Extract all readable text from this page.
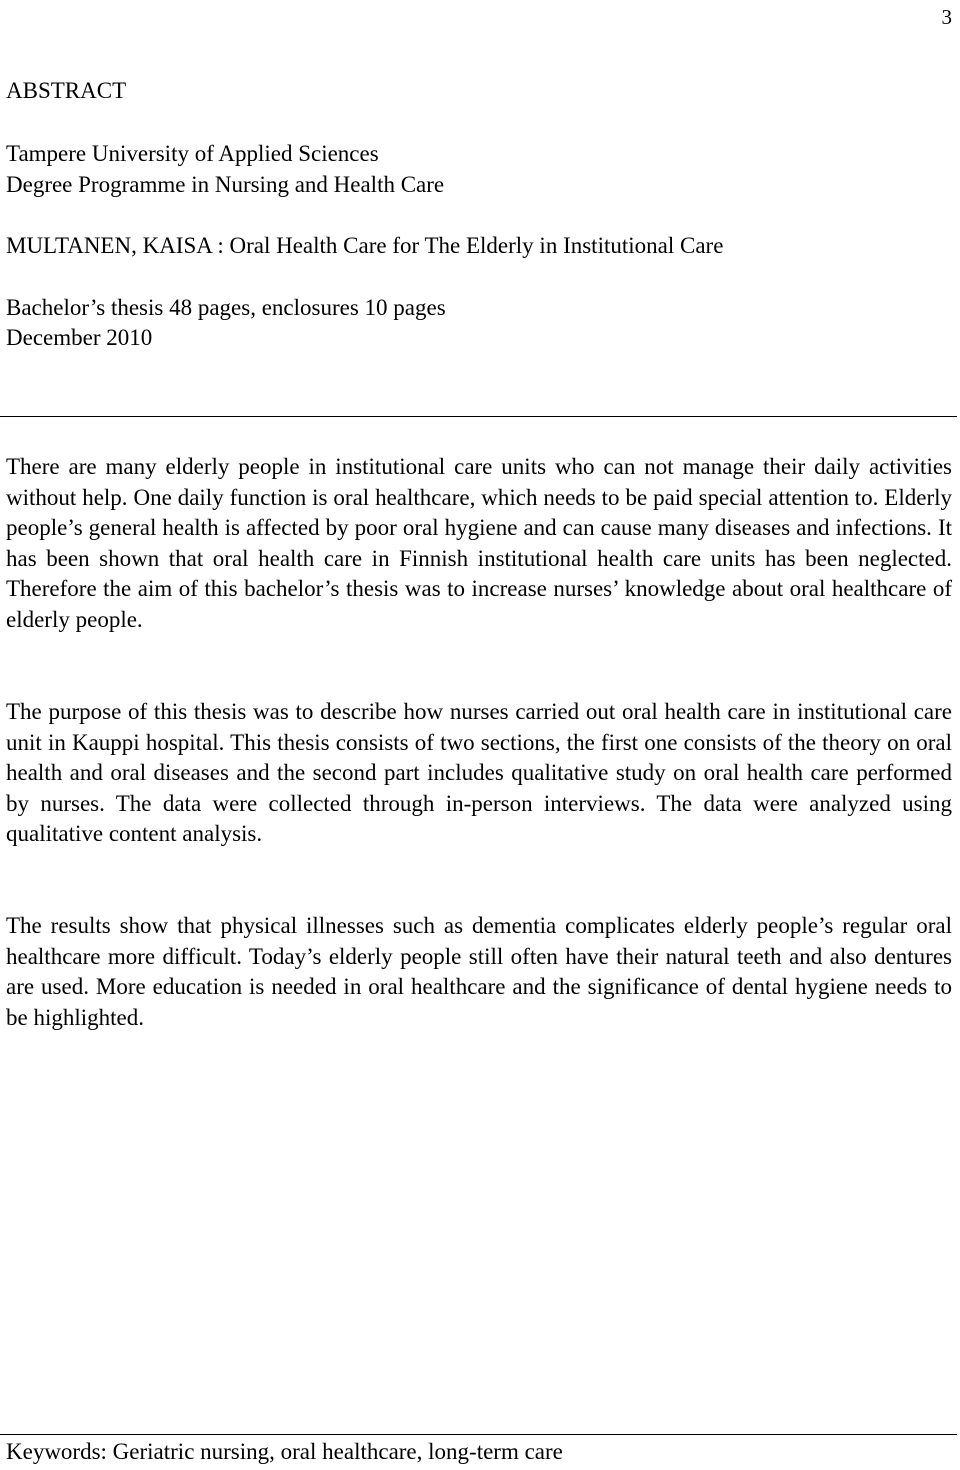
3
ABSTRACT
Tampere University of Applied Sciences
Degree Programme in Nursing and Health Care
MULTANEN, KAISA : Oral Health Care for The Elderly in Institutional Care
Bachelor’s thesis 48 pages, enclosures 10 pages
December 2010
There are many elderly people in institutional care units who can not manage their daily activities without help. One daily function is oral healthcare, which needs to be paid special attention to. Elderly people’s general health is affected by poor oral hygiene and can cause many diseases and infections. It has been shown that oral health care in Finnish institutional health care units has been neglected. Therefore the aim of this bachelor’s thesis was to increase nurses’ knowledge about oral healthcare of elderly people.
The purpose of this thesis was to describe how nurses carried out oral health care in institutional care unit in Kauppi hospital. This thesis consists of two sections, the first one consists of the theory on oral health and oral diseases and the second part includes qualitative study on oral health care performed by nurses. The data were collected through in-person interviews. The data were analyzed using qualitative content analysis.
The results show that physical illnesses such as dementia complicates elderly people’s regular oral healthcare more difficult. Today’s elderly people still often have their natural teeth and also dentures are used. More education is needed in oral healthcare and the significance of dental hygiene needs to be highlighted.
Keywords: Geriatric nursing, oral healthcare, long-term care
